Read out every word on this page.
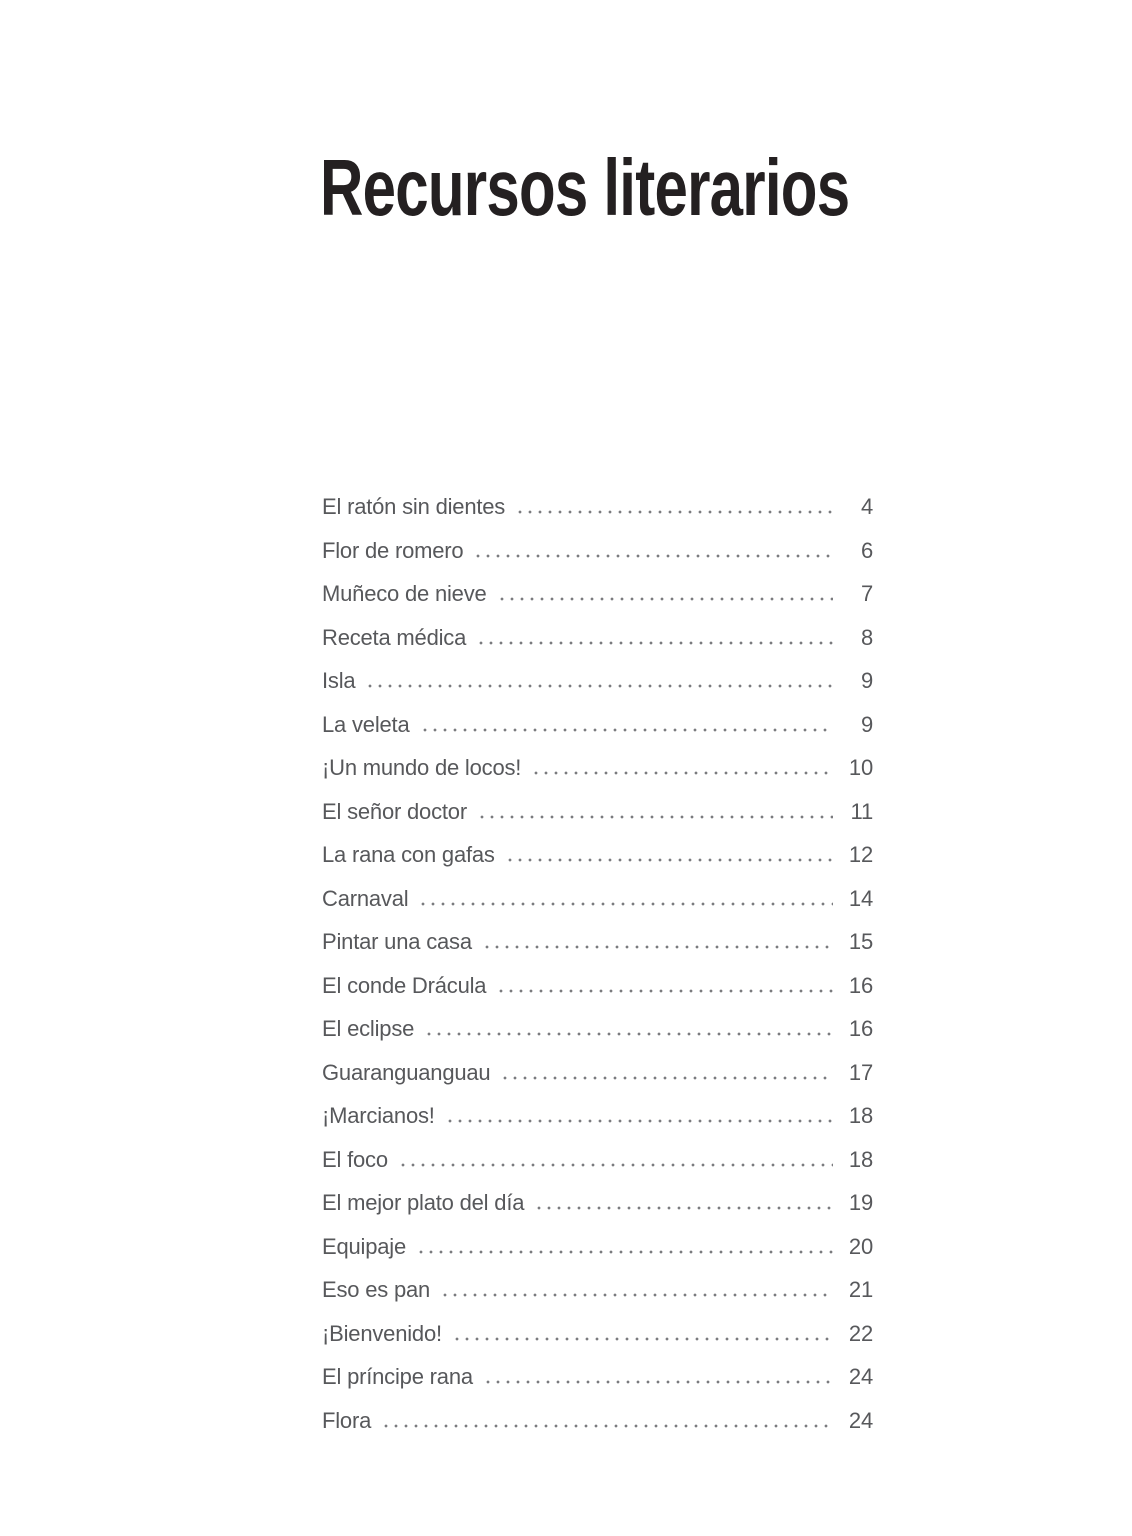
Recursos literarios
El ratón sin dientes	4
Flor de romero	6
Muñeco de nieve	7
Receta médica	8
Isla	9
La veleta	9
¡Un mundo de locos!	10
El señor doctor	11
La rana con gafas	12
Carnaval	14
Pintar una casa	15
El conde Drácula	16
El eclipse	16
Guaranguanguau	17
¡Marcianos!	18
El foco	18
El mejor plato del día	19
Equipaje	20
Eso es pan	21
¡Bienvenido!	22
El príncipe rana	24
Flora	24
